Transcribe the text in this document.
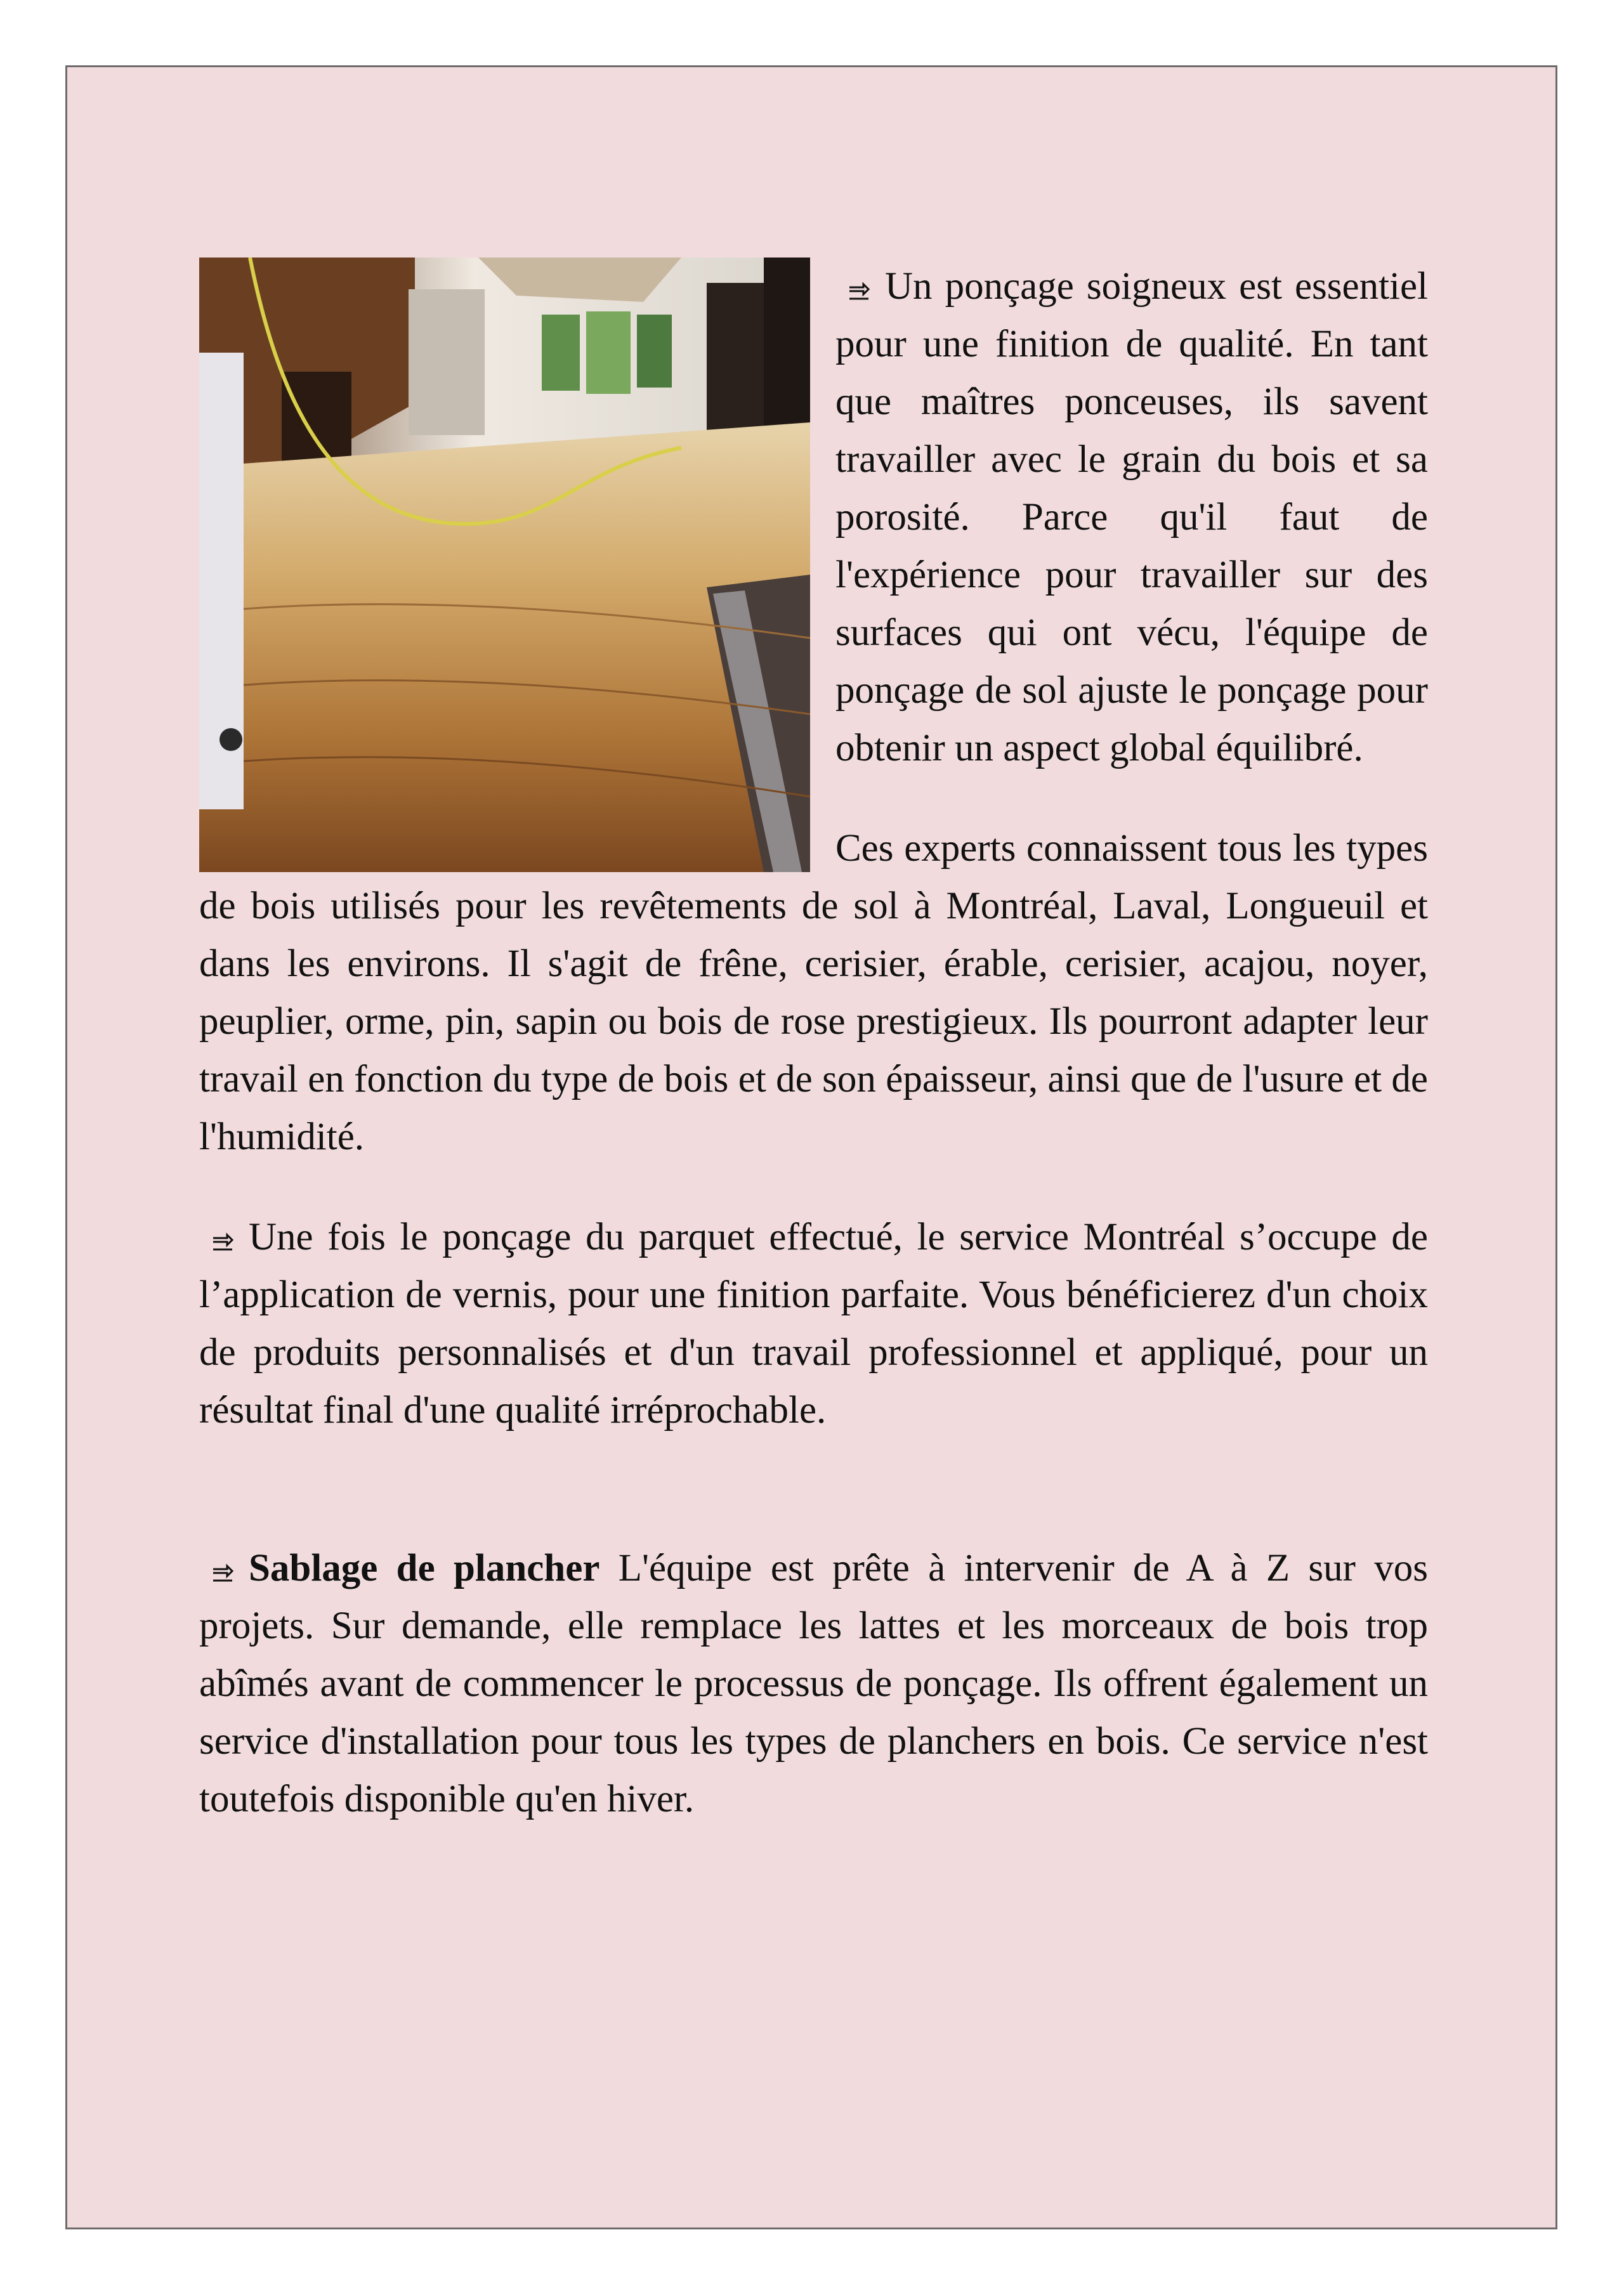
Un ponçage soigneux est essentiel pour une finition de qualité. En tant que maîtres ponceuses, ils savent travailler avec le grain du bois et sa porosité. Parce qu'il faut de l'expérience pour travailler sur des surfaces qui ont vécu, l'équipe de ponçage de sol ajuste le ponçage pour obtenir un aspect global équilibré.

Ces experts connaissent tous les types de bois utilisés pour les revêtements de sol à Montréal, Laval, Longueuil et dans les environs. Il s'agit de frêne, cerisier, érable, cerisier, acajou, noyer, peuplier, orme, pin, sapin ou bois de rose prestigieux. Ils pourront adapter leur travail en fonction du type de bois et de son épaisseur, ainsi que de l'usure et de l'humidité.

Une fois le ponçage du parquet effectué, le service Montréal s’occupe de l’application de vernis, pour une finition parfaite. Vous bénéficierez d'un choix de produits personnalisés et d'un travail professionnel et appliqué, pour un résultat final d'une qualité irréprochable.

Sablage de plancher L'équipe est prête à intervenir de A à Z sur vos projets. Sur demande, elle remplace les lattes et les morceaux de bois trop abîmés avant de commencer le processus de ponçage. Ils offrent également un service d'installation pour tous les types de planchers en bois. Ce service n'est toutefois disponible qu'en hiver.
